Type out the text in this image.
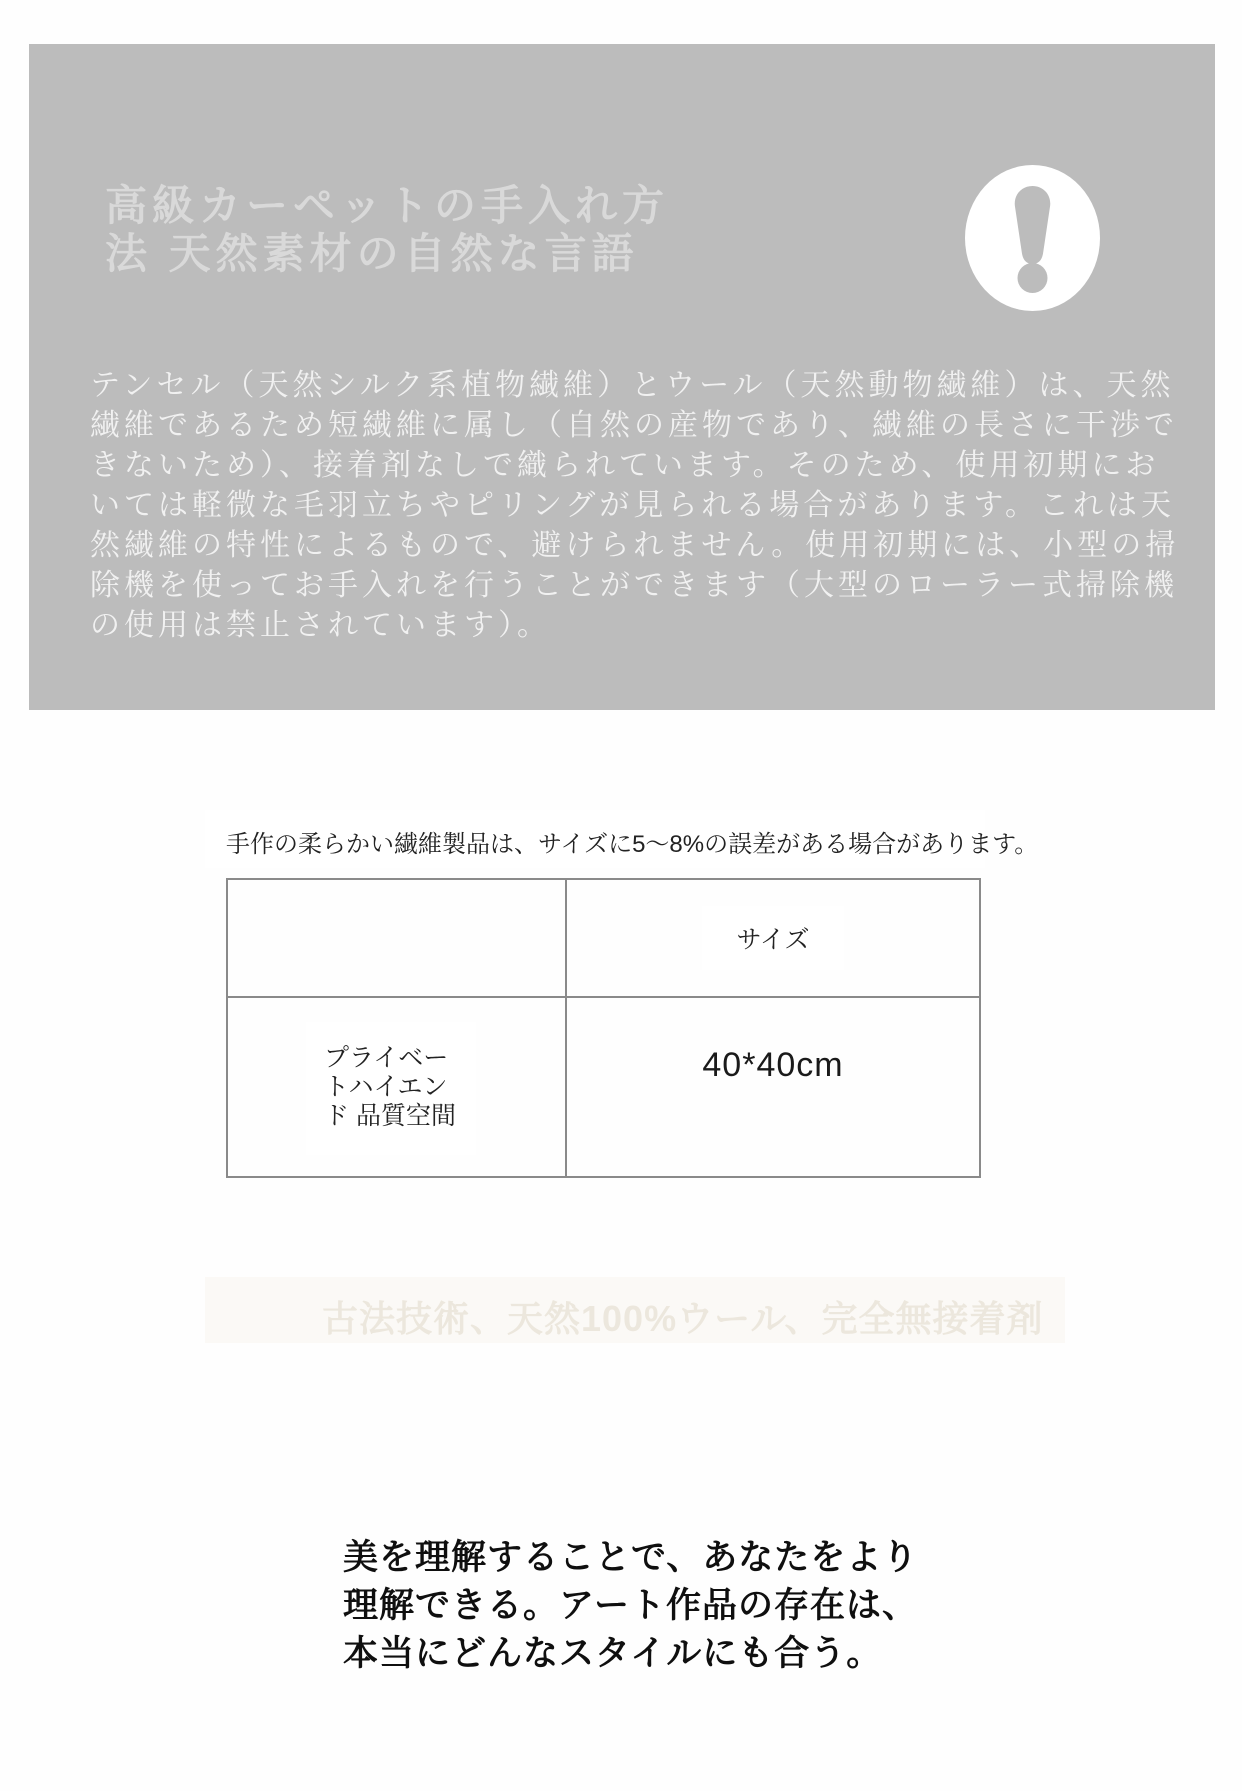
高級カーペットの手入れ方
法 天然素材の自然な言語
テンセル（天然シルク系植物繊維）とウール（天然動物繊維）は、天然
繊維であるため短繊維に属し（自然の産物であり、繊維の長さに干渉で
きないため）、接着剤なしで織られています。そのため、使用初期にお
いては軽微な毛羽立ちやピリングが見られる場合があります。これは天
然繊維の特性によるもので、避けられません。使用初期には、小型の掃
除機を使ってお手入れを行うことができます（大型のローラー式掃除機
の使用は禁止されています）。
手作の柔らかい繊維製品は、サイズに5～8%の誤差がある場合があります。
サイズ
プライベー
トハイエン
ド 品質空間
40*40cm
古法技術、天然100%ウール、完全無接着剤
美を理解することで、あなたをより
理解できる。アート作品の存在は、
本当にどんなスタイルにも合う。
